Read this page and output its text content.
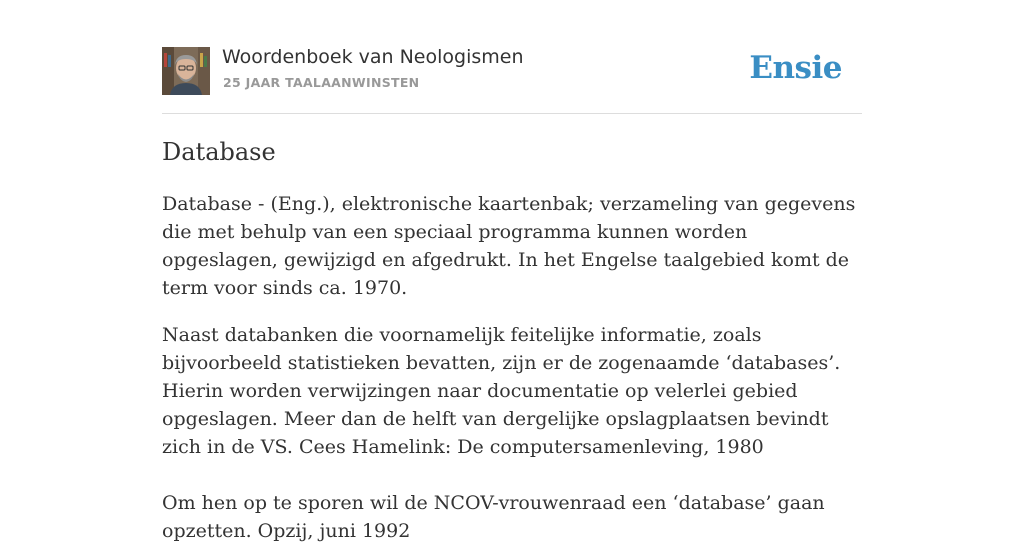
Woordenboek van Neologismen
25 JAAR TAALAANWINSTEN	Ensie
Database

Database - (Eng.), elektronische kaartenbak; verzameling van gegevens die met behulp van een speciaal programma kunnen worden opgeslagen, gewijzigd en afgedrukt. In het Engelse taalgebied komt de term voor sinds ca. 1970.

Naast databanken die voornamelijk feitelijke informatie, zoals bijvoorbeeld statistieken bevatten, zijn er de zogenaamde ‘databases’. Hierin worden verwijzingen naar documentatie op velerlei gebied opgeslagen. Meer dan de helft van dergelijke opslagplaatsen bevindt zich in de VS. Cees Hamelink: De computersamenleving, 1980

Om hen op te sporen wil de NCOV-vrouwenraad een ‘database’ gaan opzetten. Opzij, juni 1992
